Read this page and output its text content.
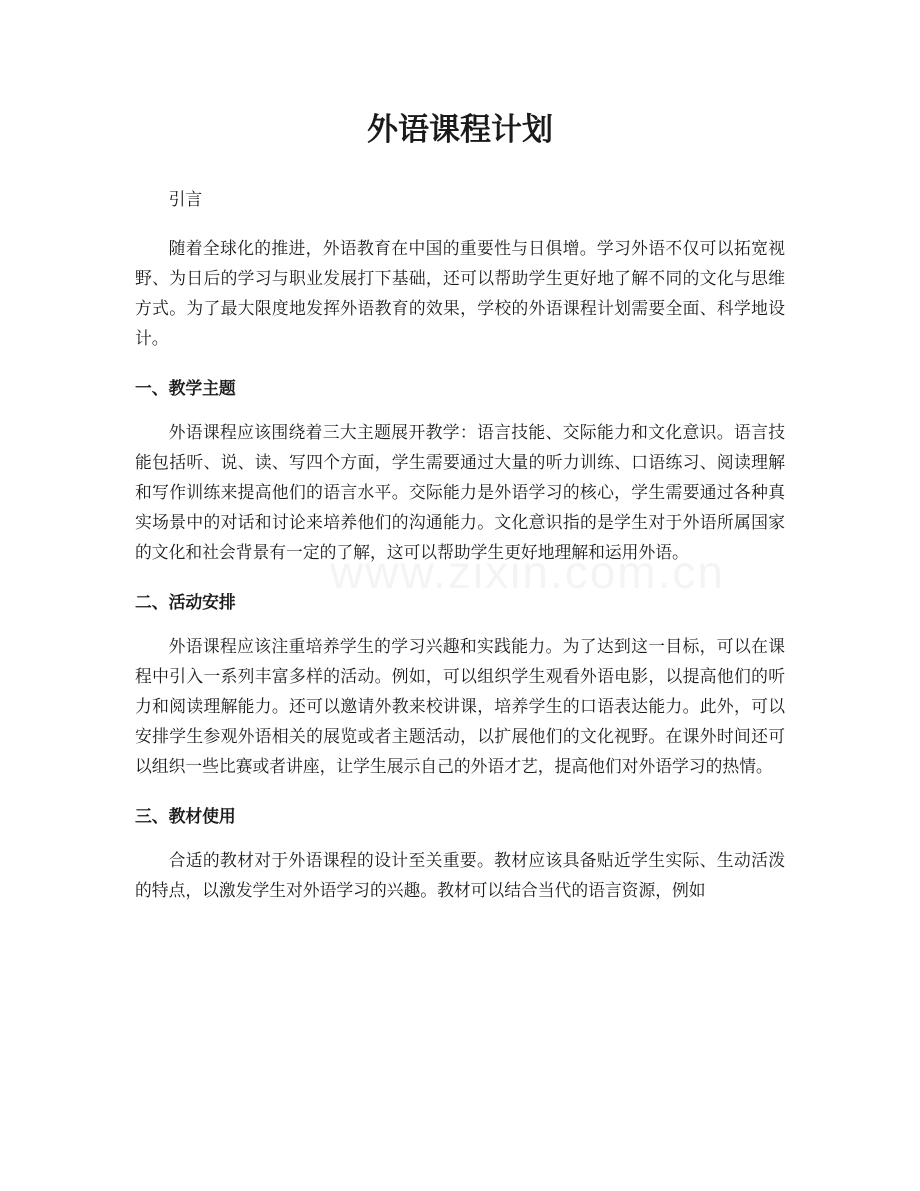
外语课程计划

引言

随着全球化的推进，外语教育在中国的重要性与日俱增。学习外语不仅可以拓宽视野、为日后的学习与职业发展打下基础，还可以帮助学生更好地了解不同的文化与思维方式。为了最大限度地发挥外语教育的效果，学校的外语课程计划需要全面、科学地设计。

一、教学主题

外语课程应该围绕着三大主题展开教学：语言技能、交际能力和文化意识。语言技能包括听、说、读、写四个方面，学生需要通过大量的听力训练、口语练习、阅读理解和写作训练来提高他们的语言水平。交际能力是外语学习的核心，学生需要通过各种真实场景中的对话和讨论来培养他们的沟通能力。文化意识指的是学生对于外语所属国家的文化和社会背景有一定的了解，这可以帮助学生更好地理解和运用外语。

二、活动安排

外语课程应该注重培养学生的学习兴趣和实践能力。为了达到这一目标，可以在课程中引入一系列丰富多样的活动。例如，可以组织学生观看外语电影，以提高他们的听力和阅读理解能力。还可以邀请外教来校讲课，培养学生的口语表达能力。此外，可以安排学生参观外语相关的展览或者主题活动，以扩展他们的文化视野。在课外时间还可以组织一些比赛或者讲座，让学生展示自己的外语才艺，提高他们对外语学习的热情。

三、教材使用

合适的教材对于外语课程的设计至关重要。教材应该具备贴近学生实际、生动活泼的特点，以激发学生对外语学习的兴趣。教材可以结合当代的语言资源，例如
